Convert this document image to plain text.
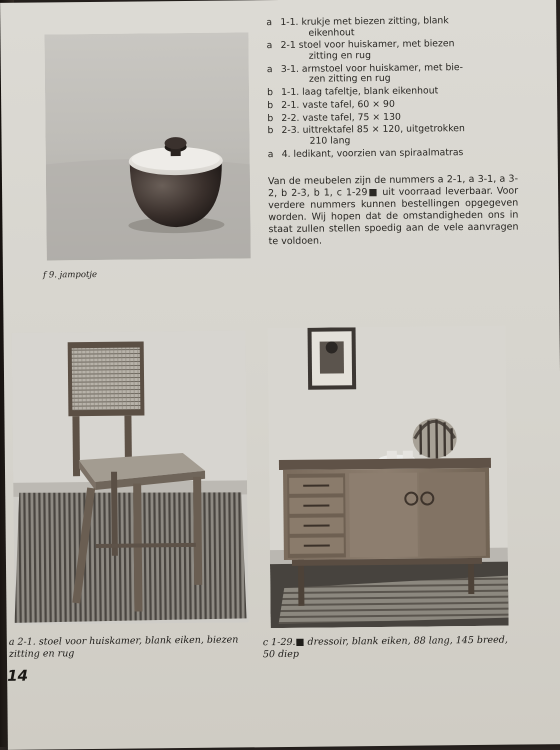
f 9. jampotje

a 1-1. krukje met biezen zitting, blank
eikenhout
a 2-1 stoel voor huiskamer, met biezen
zitting en rug
a 3-1. armstoel voor huiskamer, met bie-
zen zitting en rug
b 1-1. laag tafeltje, blank eikenhout
b 2-1. vaste tafel, 60 × 90
b 2-2. vaste tafel, 75 × 130
b 2-3. uittrektafel 85 × 120, uitgetrokken
210 lang
a 4. ledikant, voorzien van spiraalmatras

Van de meubelen zijn de nummers a 2-1, a 3-1, a 3-2, b 2-3, b 1, c 1-29■ uit voorraad leverbaar. Voor verdere nummers kunnen bestellingen opgegeven worden. Wij hopen dat de omstandigheden ons in staat zullen stellen spoedig aan de vele aanvragen te voldoen.

a 2-1. stoel voor huiskamer, blank eiken, biezen zitting en rug

c 1-29.■ dressoir, blank eiken, 88 lang, 145 breed, 50 diep

14
